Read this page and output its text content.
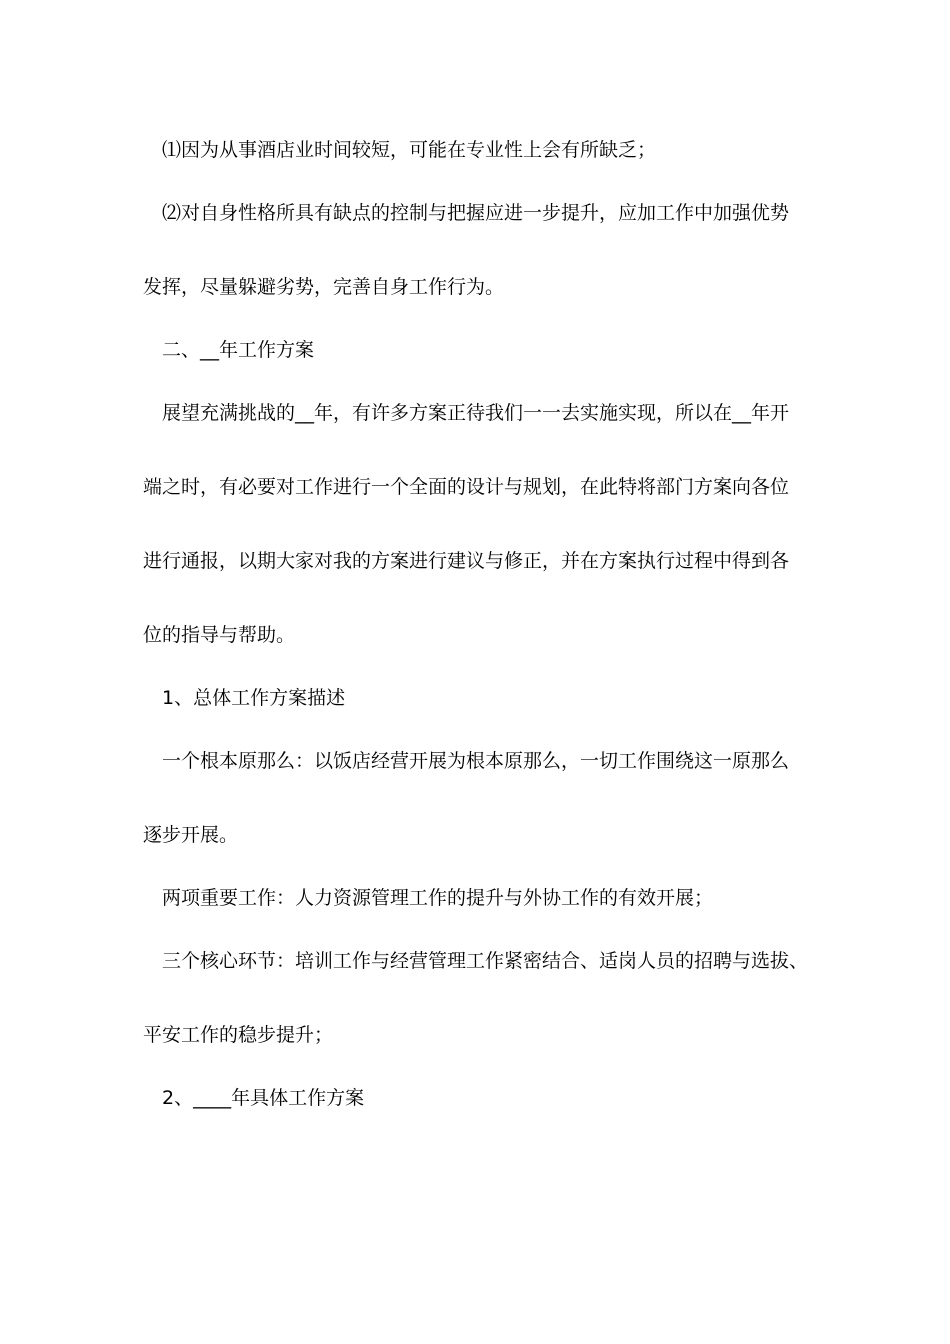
⑴因为从事酒店业时间较短，可能在专业性上会有所缺乏；
⑵对自身性格所具有缺点的控制与把握应进一步提升，应加工作中加强优势
发挥，尽量躲避劣势，完善自身工作行为。
二、__年工作方案
展望充满挑战的__年，有许多方案正待我们一一去实施实现，所以在__年开
端之时，有必要对工作进行一个全面的设计与规划，在此特将部门方案向各位
进行通报，以期大家对我的方案进行建议与修正，并在方案执行过程中得到各
位的指导与帮助。
1、总体工作方案描述
一个根本原那么：以饭店经营开展为根本原那么，一切工作围绕这一原那么
逐步开展。
两项重要工作：人力资源管理工作的提升与外协工作的有效开展；
三个核心环节：培训工作与经营管理工作紧密结合、适岗人员的招聘与选拔、
平安工作的稳步提升；
2、____年具体工作方案
